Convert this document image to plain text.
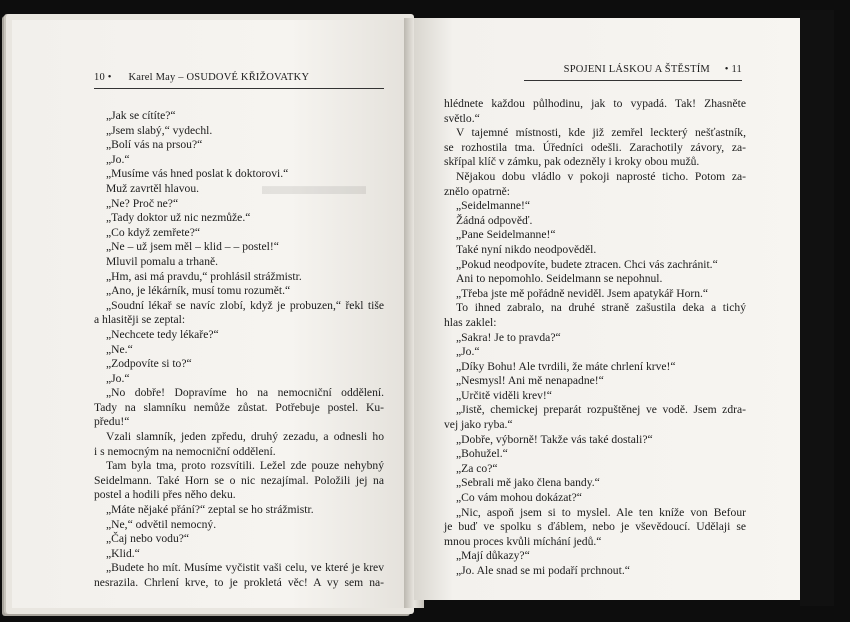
▬▬▬▬
10 • Karel May – OSUDOVÉ KŘIŽOVATKY
„Jak se cítíte?“
„Jsem slabý,“ vydechl.
„Bolí vás na prsou?“
„Jo.“
„Musíme vás hned poslat k doktorovi.“
Muž zavrtěl hlavou.
„Ne? Proč ne?“
„Tady doktor už nic nezmůže.“
„Co když zemřete?“
„Ne – už jsem měl – klid – – postel!“
Mluvil pomalu a trhaně.
„Hm, asi má pravdu,“ prohlásil strážmistr.
„Ano, je lékárník, musí tomu rozumět.“
„Soudní lékař se navíc zlobí, když je probuzen,“ řekl tiše
a hlasitěji se zeptal:
„Nechcete tedy lékaře?“
„Ne.“
„Zodpovíte si to?“
„Jo.“
„No dobře! Dopravíme ho na nemocniční oddělení.
Tady na slamníku nemůže zůstat. Potřebuje postel. Ku-
předu!“
Vzali slamník, jeden zpředu, druhý zezadu, a odnesli ho
i s nemocným na nemocniční oddělení.
Tam byla tma, proto rozsvítili. Ležel zde pouze nehybný
Seidelmann. Také Horn se o nic nezajímal. Položili jej na
postel a hodili přes něho deku.
„Máte nějaké přání?“ zeptal se ho strážmistr.
„Ne,“ odvětil nemocný.
„Čaj nebo vodu?“
„Klid.“
„Budete ho mít. Musíme vyčistit vaši celu, ve které je krev
nesrazila. Chrlení krve, to je prokletá věc! A vy sem na-
SPOJENI LÁSKOU A ŠTĚSTÍM • 11
hlédnete každou půlhodinu, jak to vypadá. Tak! Zhasněte
světlo.“
V tajemné místnosti, kde již zemřel leckterý nešťastník,
se rozhostila tma. Úředníci odešli. Zarachotily závory, za-
skřípal klíč v zámku, pak odezněly i kroky obou mužů.
Nějakou dobu vládlo v pokoji naprosté ticho. Potom za-
znělo opatrně:
„Seidelmanne!“
Žádná odpověď.
„Pane Seidelmanne!“
Také nyní nikdo neodpověděl.
„Pokud neodpovíte, budete ztracen. Chci vás zachránit.“
Ani to nepomohlo. Seidelmann se nepohnul.
„Třeba jste mě pořádně neviděl. Jsem apatykář Horn.“
To ihned zabralo, na druhé straně zašustila deka a tichý
hlas zaklel:
„Sakra! Je to pravda?“
„Jo.“
„Díky Bohu! Ale tvrdili, že máte chrlení krve!“
„Nesmysl! Ani mě nenapadne!“
„Určitě viděli krev!“
„Jistě, chemickej preparát rozpuštěnej ve vodě. Jsem zdra-
vej jako ryba.“
„Dobře, výborně! Takže vás také dostali?“
„Bohužel.“
„Za co?“
„Sebrali mě jako člena bandy.“
„Co vám mohou dokázat?“
„Nic, aspoň jsem si to myslel. Ale ten kníže von Befour
je buď ve spolku s ďáblem, nebo je vševědoucí. Udělaji se
mnou proces kvůli míchání jedů.“
„Mají důkazy?“
„Jo. Ale snad se mi podaří prchnout.“
